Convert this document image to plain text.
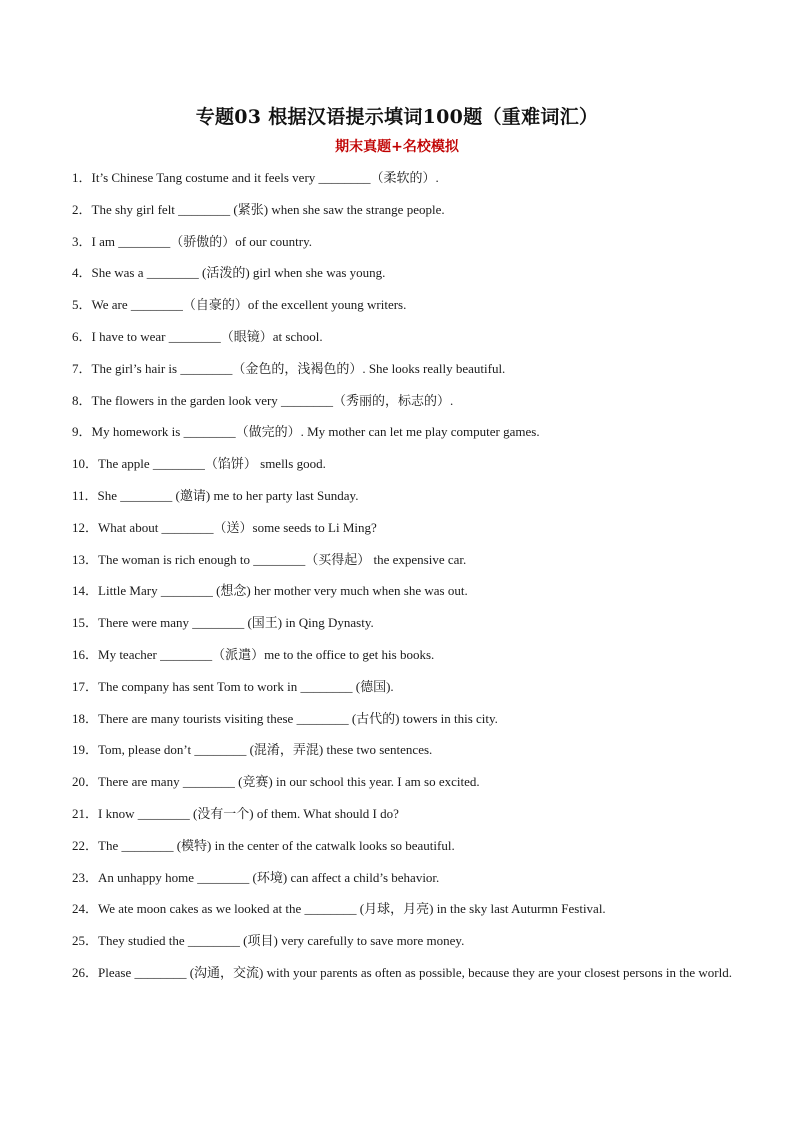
专题03 根据汉语提示填词100题（重难词汇）
期末真题+名校模拟
1．It’s Chinese Tang costume and it feels very ________（柔软的）.
2．The shy girl felt ________ (紧张) when she saw the strange people.
3．I am ________（骄傲的）of our country.
4．She was a ________ (活泼的) girl when she was young.
5．We are ________（自豪的）of the excellent young writers.
6．I have to wear ________（眼镜）at school.
7．The girl’s hair is ________（金色的，浅褐色的）. She looks really beautiful.
8．The flowers in the garden look very ________（秀丽的，标志的）.
9．My homework is ________（做完的）. My mother can let me play computer games.
10．The apple ________（馅饼） smells good.
11．She ________ (邀请) me to her party last Sunday.
12．What about ________（送）some seeds to Li Ming?
13．The woman is rich enough to ________（买得起） the expensive car.
14．Little Mary ________ (想念) her mother very much when she was out.
15．There were many ________ (国王) in Qing Dynasty.
16．My teacher ________（派遣）me to the office to get his books.
17．The company has sent Tom to work in ________ (德国).
18．There are many tourists visiting these ________ (古代的) towers in this city.
19．Tom, please don’t ________ (混淆，弄混) these two sentences.
20．There are many ________ (竞赛) in our school this year. I am so excited.
21．I know ________ (没有一个) of them. What should I do?
22．The ________ (模特) in the center of the catwalk looks so beautiful.
23．An unhappy home ________ (环境) can affect a child’s behavior.
24．We ate moon cakes as we looked at the ________ (月球，月亮) in the sky last Auturmn Festival.
25．They studied the ________ (项目) very carefully to save more money.
26．Please ________ (沟通，交流) with your parents as often as possible, because they are your closest persons in the world.
